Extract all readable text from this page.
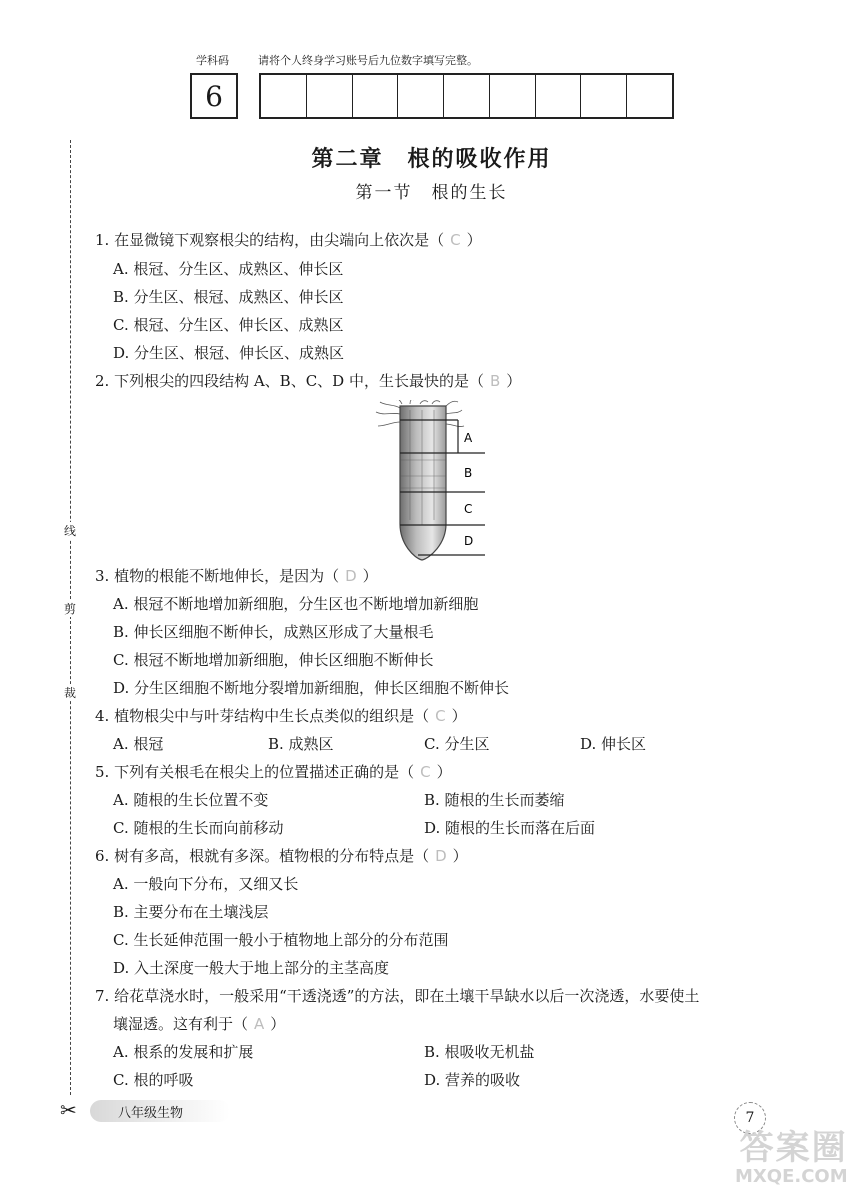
学科码	请将个人终身学习账号后九位数字填写完整。
6
第二章　根的吸收作用
第一节　根的生长
1. 在显微镜下观察根尖的结构，由尖端向上依次是（ C ）
A. 根冠、分生区、成熟区、伸长区
B. 分生区、根冠、成熟区、伸长区
C. 根冠、分生区、伸长区、成熟区
D. 分生区、根冠、伸长区、成熟区
2. 下列根尖的四段结构 A、B、C、D 中，生长最快的是（ B ）
A
B
C
D
3. 植物的根能不断地伸长，是因为（ D ）
A. 根冠不断地增加新细胞，分生区也不断地增加新细胞
B. 伸长区细胞不断伸长，成熟区形成了大量根毛
C. 根冠不断地增加新细胞，伸长区细胞不断伸长
D. 分生区细胞不断地分裂增加新细胞，伸长区细胞不断伸长
4. 植物根尖中与叶芽结构中生长点类似的组织是（ C ）
A. 根冠	B. 成熟区	C. 分生区	D. 伸长区
5. 下列有关根毛在根尖上的位置描述正确的是（ C ）
A. 随根的生长位置不变	B. 随根的生长而萎缩
C. 随根的生长而向前移动	D. 随根的生长而落在后面
6. 树有多高，根就有多深。植物根的分布特点是（ D ）
A. 一般向下分布，又细又长
B. 主要分布在土壤浅层
C. 生长延伸范围一般小于植物地上部分的分布范围
D. 入土深度一般大于地上部分的主茎高度
7. 给花草浇水时，一般采用“干透浇透”的方法，即在土壤干旱缺水以后一次浇透，水要使土
壤湿透。这有利于（ A ）
A. 根系的发展和扩展	B. 根吸收无机盐
C. 根的呼吸	D. 营养的吸收
线
剪
裁
✂	八年级生物	7
答案圈
MXQE.COM
